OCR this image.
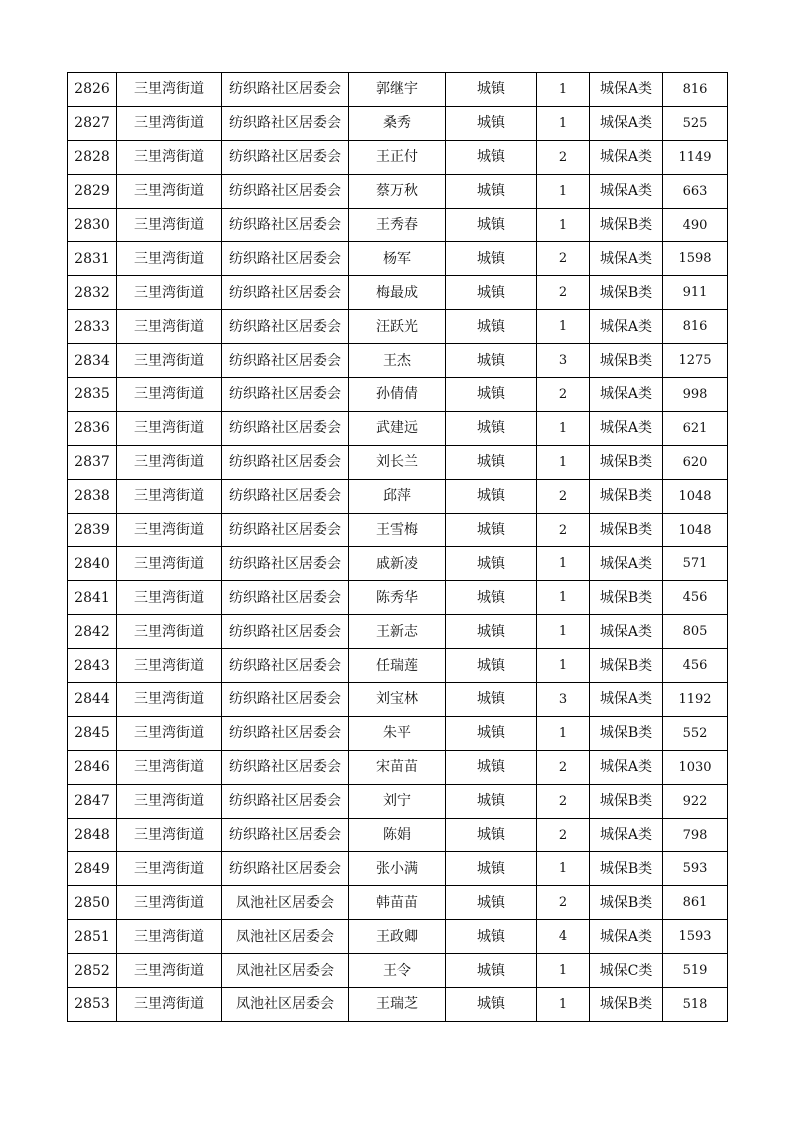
2826	三里湾街道	纺织路社区居委会	郭继宇	城镇	1	城保A类	816
2827	三里湾街道	纺织路社区居委会	桑秀	城镇	1	城保A类	525
2828	三里湾街道	纺织路社区居委会	王正付	城镇	2	城保A类	1149
2829	三里湾街道	纺织路社区居委会	蔡万秋	城镇	1	城保A类	663
2830	三里湾街道	纺织路社区居委会	王秀春	城镇	1	城保B类	490
2831	三里湾街道	纺织路社区居委会	杨军	城镇	2	城保A类	1598
2832	三里湾街道	纺织路社区居委会	梅最成	城镇	2	城保B类	911
2833	三里湾街道	纺织路社区居委会	汪跃光	城镇	1	城保A类	816
2834	三里湾街道	纺织路社区居委会	王杰	城镇	3	城保B类	1275
2835	三里湾街道	纺织路社区居委会	孙倩倩	城镇	2	城保A类	998
2836	三里湾街道	纺织路社区居委会	武建远	城镇	1	城保A类	621
2837	三里湾街道	纺织路社区居委会	刘长兰	城镇	1	城保B类	620
2838	三里湾街道	纺织路社区居委会	邱萍	城镇	2	城保B类	1048
2839	三里湾街道	纺织路社区居委会	王雪梅	城镇	2	城保B类	1048
2840	三里湾街道	纺织路社区居委会	戚新凌	城镇	1	城保A类	571
2841	三里湾街道	纺织路社区居委会	陈秀华	城镇	1	城保B类	456
2842	三里湾街道	纺织路社区居委会	王新志	城镇	1	城保A类	805
2843	三里湾街道	纺织路社区居委会	任瑞莲	城镇	1	城保B类	456
2844	三里湾街道	纺织路社区居委会	刘宝林	城镇	3	城保A类	1192
2845	三里湾街道	纺织路社区居委会	朱平	城镇	1	城保B类	552
2846	三里湾街道	纺织路社区居委会	宋苗苗	城镇	2	城保A类	1030
2847	三里湾街道	纺织路社区居委会	刘宁	城镇	2	城保B类	922
2848	三里湾街道	纺织路社区居委会	陈娟	城镇	2	城保A类	798
2849	三里湾街道	纺织路社区居委会	张小满	城镇	1	城保B类	593
2850	三里湾街道	凤池社区居委会	韩苗苗	城镇	2	城保B类	861
2851	三里湾街道	凤池社区居委会	王政卿	城镇	4	城保A类	1593
2852	三里湾街道	凤池社区居委会	王令	城镇	1	城保C类	519
2853	三里湾街道	凤池社区居委会	王瑞芝	城镇	1	城保B类	518
